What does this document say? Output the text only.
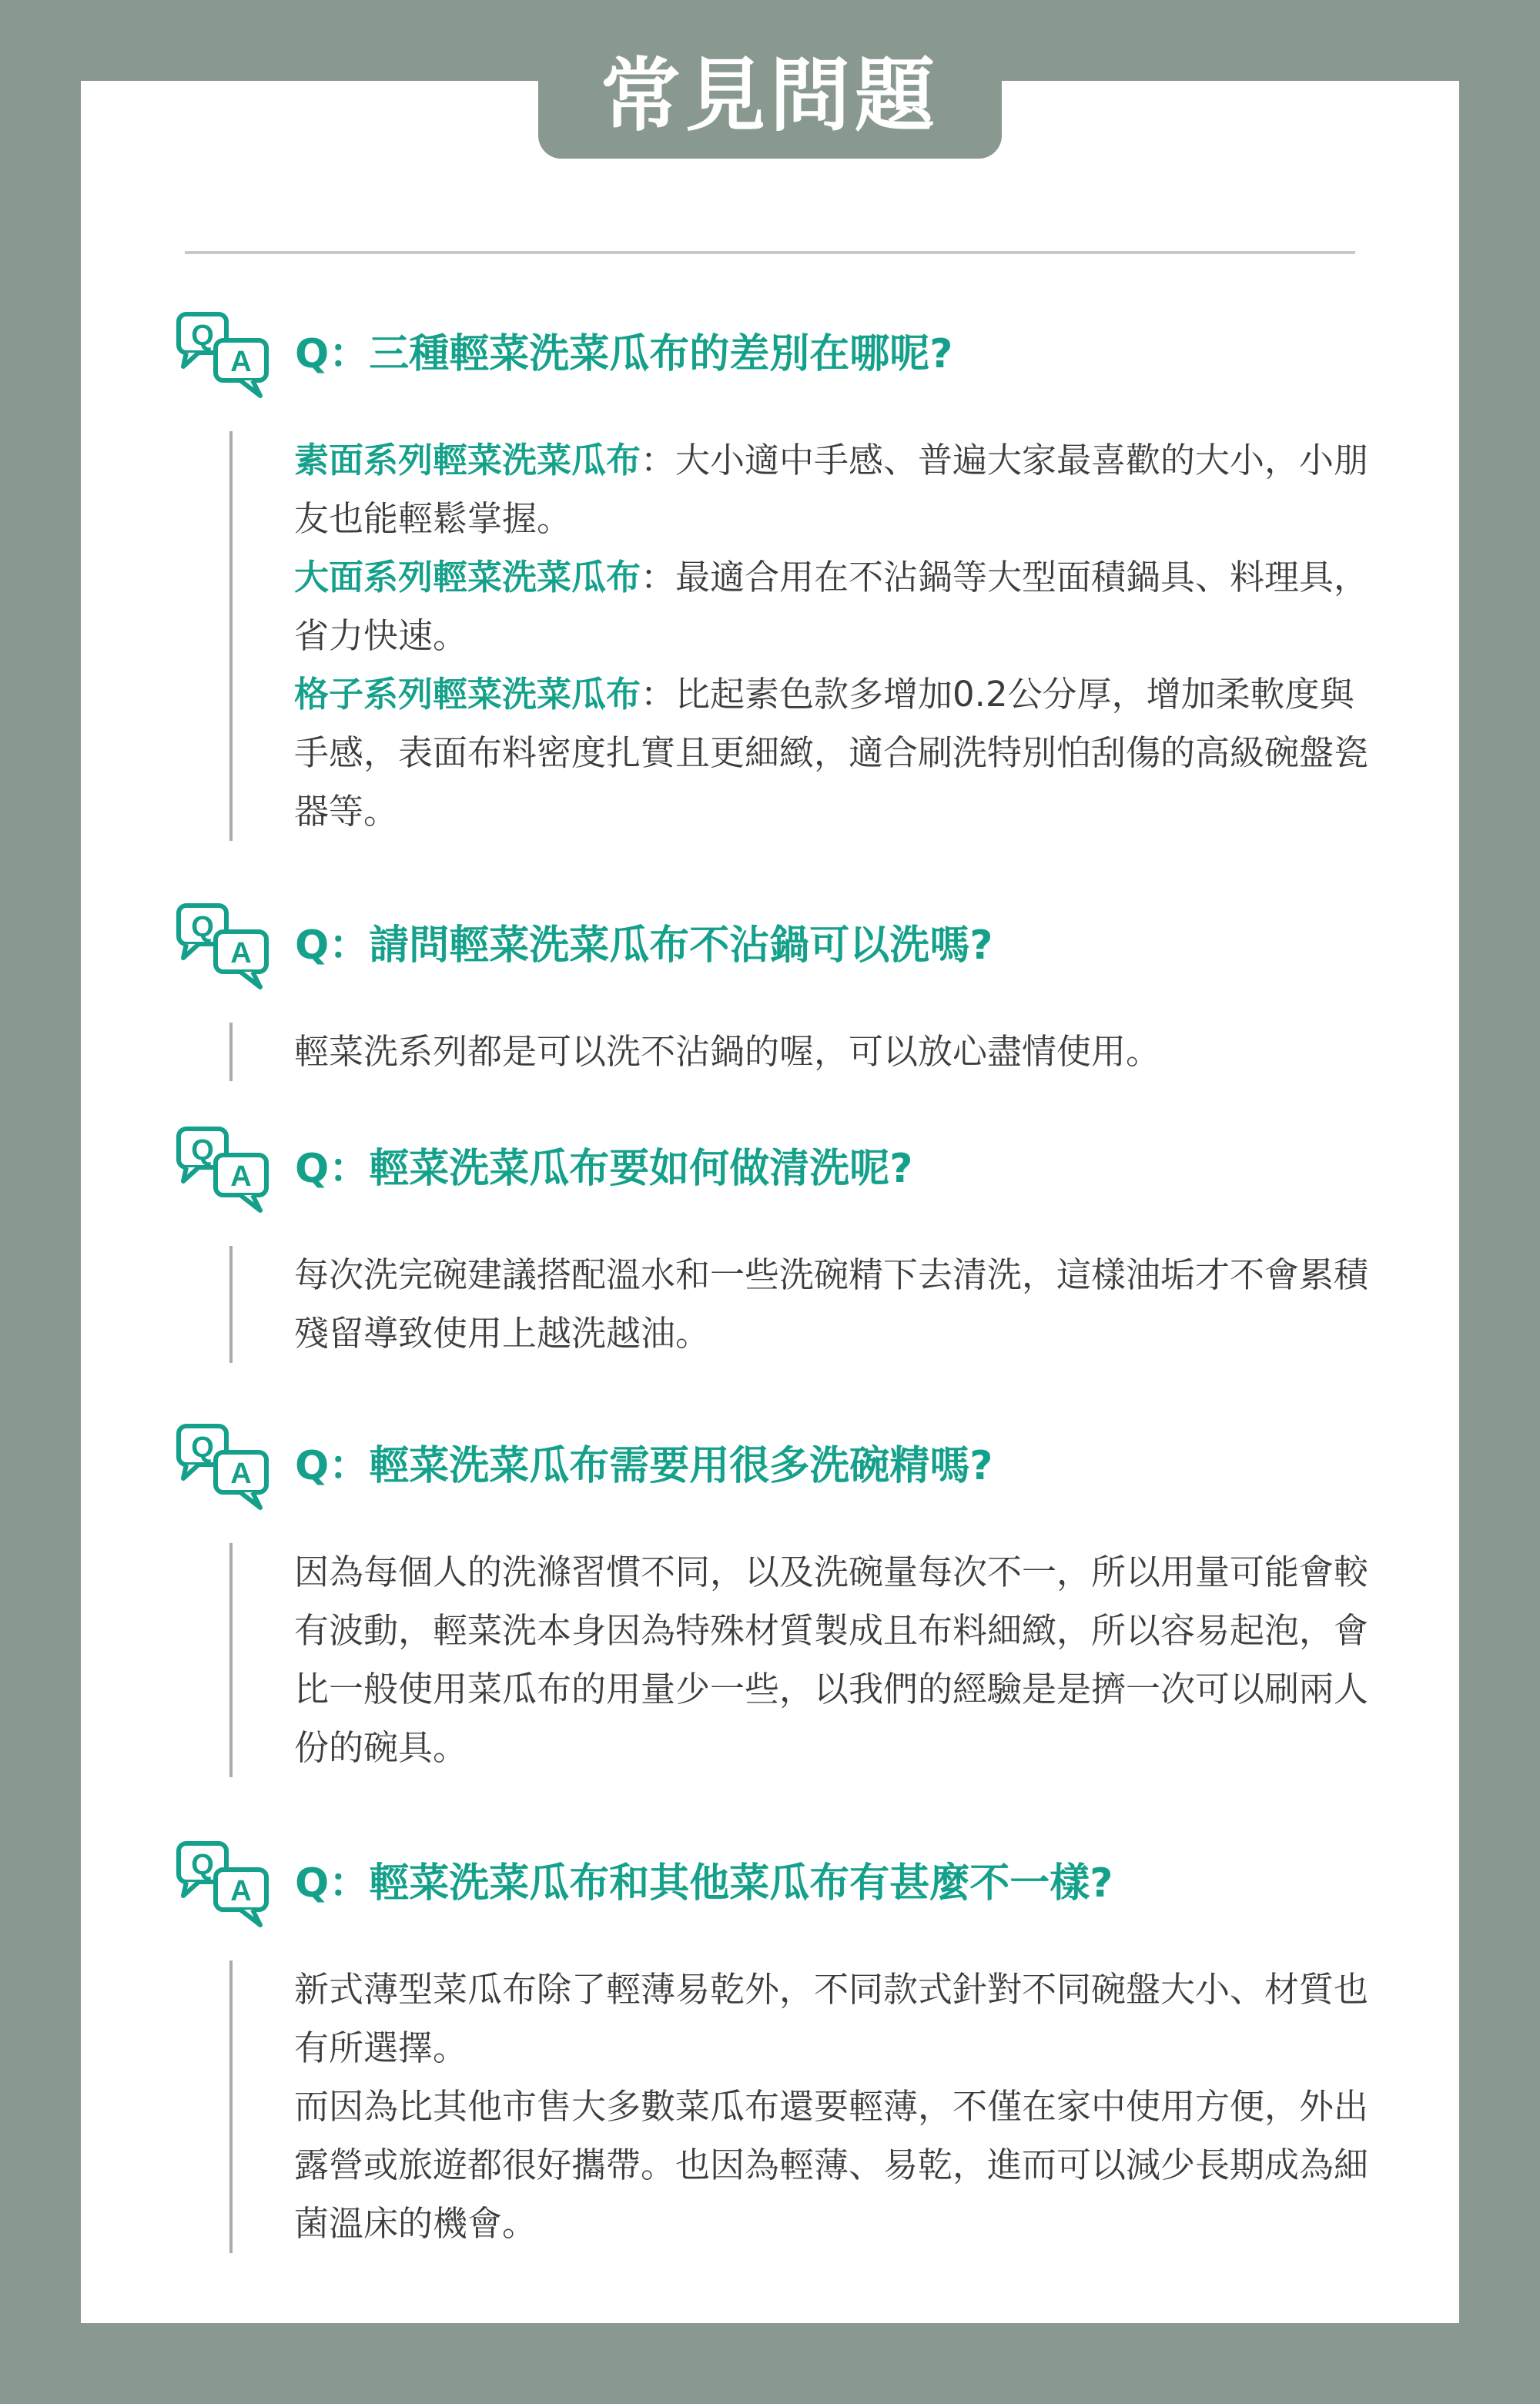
常見問題
Q
A Q：三種輕菜洗菜瓜布的差別在哪呢?

素面系列輕菜洗菜瓜布：大小適中手感、普遍大家最喜歡的大小，小朋友也能輕鬆掌握。

大面系列輕菜洗菜瓜布：最適合用在不沾鍋等大型面積鍋具、料理具，省力快速。

格子系列輕菜洗菜瓜布：比起素色款多增加0.2公分厚，增加柔軟度與手感，表面布料密度扎實且更細緻，適合刷洗特別怕刮傷的高級碗盤瓷器等。

Q
A Q：請問輕菜洗菜瓜布不沾鍋可以洗嗎?

輕菜洗系列都是可以洗不沾鍋的喔，可以放心盡情使用。

Q
A Q：輕菜洗菜瓜布要如何做清洗呢?

每次洗完碗建議搭配溫水和一些洗碗精下去清洗，這樣油垢才不會累積殘留導致使用上越洗越油。

Q
A Q：輕菜洗菜瓜布需要用很多洗碗精嗎?

因為每個人的洗滌習慣不同，以及洗碗量每次不一，所以用量可能會較有波動，輕菜洗本身因為特殊材質製成且布料細緻，所以容易起泡，會比一般使用菜瓜布的用量少一些，以我們的經驗是是擠一次可以刷兩人份的碗具。

Q
A Q：輕菜洗菜瓜布和其他菜瓜布有甚麼不一樣?

新式薄型菜瓜布除了輕薄易乾外，不同款式針對不同碗盤大小、材質也有所選擇。

而因為比其他市售大多數菜瓜布還要輕薄，不僅在家中使用方便，外出露營或旅遊都很好攜帶。也因為輕薄、易乾，進而可以減少長期成為細菌溫床的機會。
